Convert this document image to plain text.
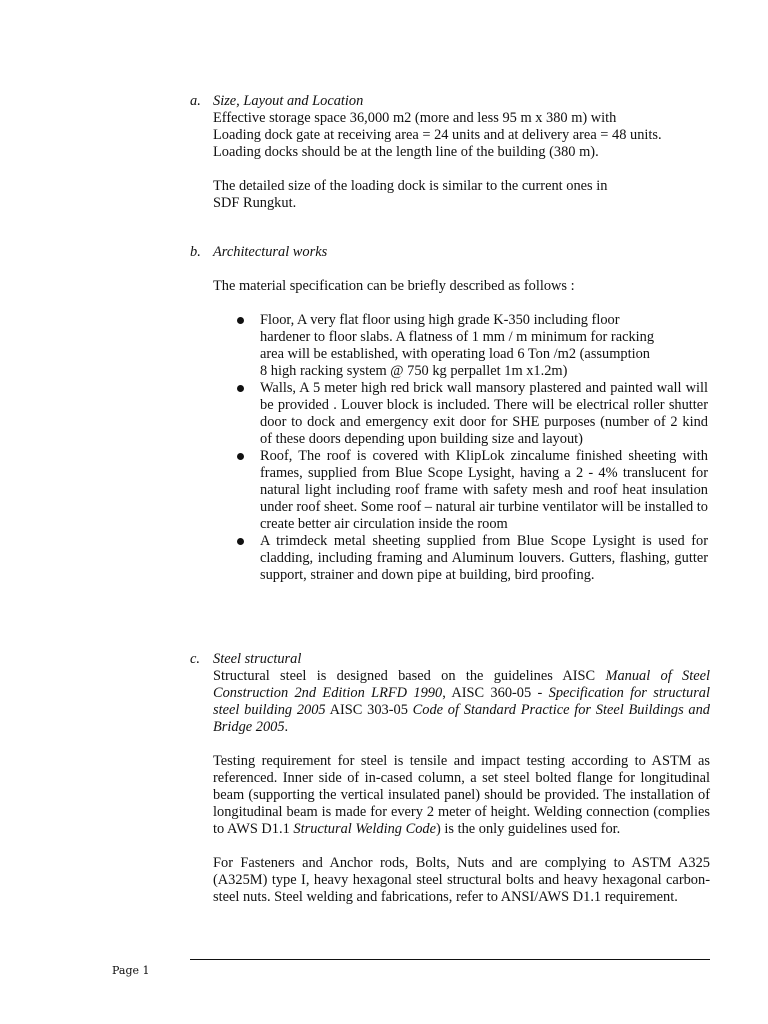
a. Size, Layout and Location

Effective storage space 36,000 m2 (more and less 95 m x 380 m) with

Loading dock gate at receiving area = 24 units and at delivery area = 48 units.

Loading docks should be at the length line of the building (380 m).

The detailed size of the loading dock is similar to the current ones in SDF Rungkut.

b. Architectural works
The material specification can be briefly described as follows :
Floor, A very flat floor using high grade K-350 including floor hardener to floor slabs. A flatness of 1 mm / m minimum for racking area will be established, with operating load 6 Ton /m2 (assumption 8 high racking system @ 750 kg perpallet 1m x1.2m)
Walls, A 5 meter high red brick wall mansory plastered and painted wall will be provided . Louver block is included. There will be electrical roller shutter door to dock and emergency exit door for SHE purposes (number of 2 kind of these doors depending upon building size and layout)
Roof, The roof is covered with KlipLok zincalume finished sheeting with frames, supplied from Blue Scope Lysight, having a 2 - 4% translucent for natural light including roof frame with safety mesh and roof heat insulation under roof sheet. Some roof – natural air turbine ventilator will be installed to create better air circulation inside the room
A trimdeck metal sheeting supplied from Blue Scope Lysight is used for cladding, including framing and Aluminum louvers. Gutters, flashing, gutter support, strainer and down pipe at building, bird proofing.
c. Steel structural

Structural steel is designed based on the guidelines AISC Manual of Steel Construction 2nd Edition LRFD 1990, AISC 360-05 - Specification for structural steel building 2005 AISC 303-05 Code of Standard Practice for Steel Buildings and Bridge 2005.

Testing requirement for steel is tensile and impact testing according to ASTM as referenced. Inner side of in-cased column, a set steel bolted flange for longitudinal beam (supporting the vertical insulated panel) should be provided. The installation of longitudinal beam is made for every 2 meter of height. Welding connection (complies to AWS D1.1 Structural Welding Code) is the only guidelines used for.

For Fasteners and Anchor rods, Bolts, Nuts and are complying to ASTM A325 (A325M) type I, heavy hexagonal steel structural bolts and heavy hexagonal carbon-steel nuts. Steel welding and fabrications, refer to ANSI/AWS D1.1 requirement.

Page 1
